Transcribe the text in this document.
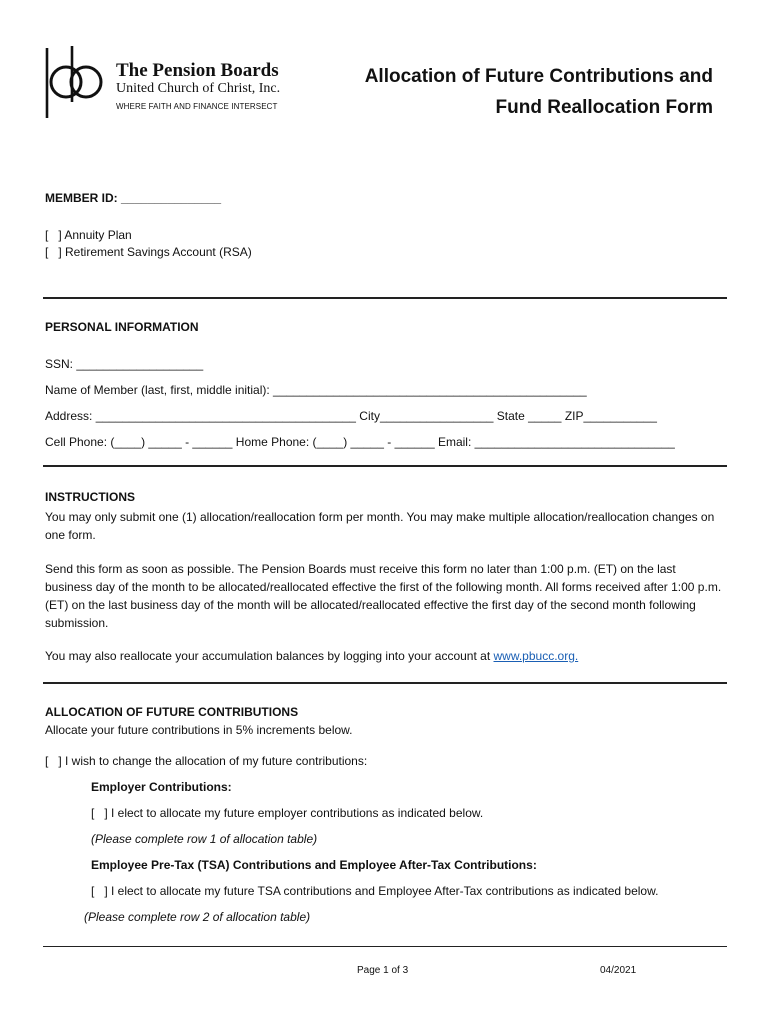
The Pension Boards
United Church of Christ, Inc.
WHERE FAITH AND FINANCE INTERSECT
Allocation of Future Contributions and
Fund Reallocation Form
MEMBER ID: _______________
[   ] Annuity Plan
[   ] Retirement Savings Account (RSA)
PERSONAL INFORMATION
SSN: ___________________
Name of Member (last, first, middle initial): _______________________________________________
Address: _______________________________________ City_________________ State _____ ZIP___________
Cell Phone: (____) _____ - ______ Home Phone: (____) _____ - ______ Email: ______________________________
INSTRUCTIONS
You may only submit one (1) allocation/reallocation form per month. You may make multiple allocation/reallocation changes on one form.
Send this form as soon as possible. The Pension Boards must receive this form no later than 1:00 p.m. (ET) on the last business day of the month to be allocated/reallocated effective the first of the following month. All forms received after 1:00 p.m. (ET) on the last business day of the month will be allocated/reallocated effective the first day of the second month following submission.
You may also reallocate your accumulation balances by logging into your account at www.pbucc.org.
ALLOCATION OF FUTURE CONTRIBUTIONS
Allocate your future contributions in 5% increments below.
[   ] I wish to change the allocation of my future contributions:
Employer Contributions:
[   ] I elect to allocate my future employer contributions as indicated below.
(Please complete row 1 of allocation table)
Employee Pre-Tax (TSA) Contributions and Employee After-Tax Contributions:
[   ] I elect to allocate my future TSA contributions and Employee After-Tax contributions as indicated below.
(Please complete row 2 of allocation table)
Page 1 of 3	04/2021
